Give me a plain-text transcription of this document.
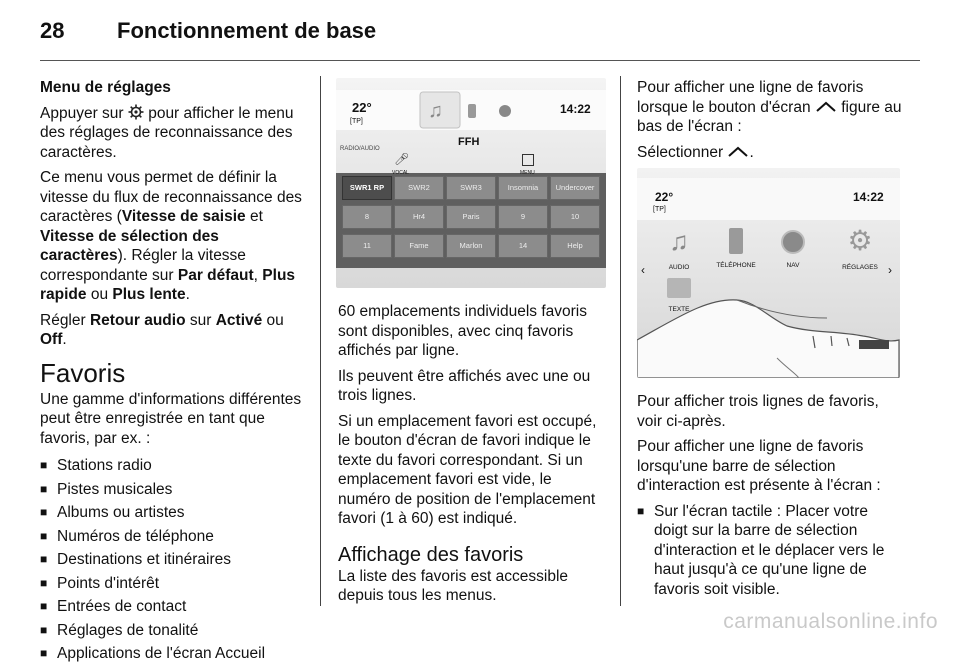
28 Fonctionnement de base

Menu de réglages

Appuyer sur  pour afficher le menu des réglages de reconnaissance des caractères.

Ce menu vous permet de définir la vitesse du flux de reconnaissance des caractères (Vitesse de saisie et Vitesse de sélection des caractères). Régler la vitesse correspondante sur Par défaut, Plus rapide ou Plus lente.

Régler Retour audio sur Activé ou Off.

Favoris

Une gamme d'informations différentes peut être enregistrée en tant que favoris, par ex. :

■ Stations radio
■ Pistes musicales
■ Albums ou artistes
■ Numéros de téléphone
■ Destinations et itinéraires
■ Points d'intérêt
■ Entrées de contact
■ Réglages de tonalité
■ Applications de l'écran Accueil
22°
[TP]	♫	14:22
RADIO/AUDIO
FFH
🎤︎
VOCAL	MENU
SWR1 RP	SWR2	SWR3	Insomnia	Undercover
8	Hr4	Paris	9	10
11	Fame	Marlon	14	Help

60 emplacements individuels favoris sont disponibles, avec cinq favoris affichés par ligne.

Ils peuvent être affichés avec une ou trois lignes.

Si un emplacement favori est occupé, le bouton d'écran de favori indique le texte du favori correspondant. Si un emplacement favori est vide, le numéro de position de l'emplacement favori (1 à 60) est indiqué.

Affichage des favoris

La liste des favoris est accessible depuis tous les menus.

Pour afficher une ligne de favoris lorsque le bouton d'écran  figure au bas de l'écran :

Sélectionner .

22°
[TP]
14:22
‹	›
♫
AUDIO	TÉLÉPHONE	NAV
⚙
RÉGLAGES
TEXTE

Pour afficher trois lignes de favoris, voir ci-après.

Pour afficher une ligne de favoris lorsqu'une barre de sélection d'interaction est présente à l'écran :

■ Sur l'écran tactile : Placer votre doigt sur la barre de sélection d'interaction et le déplacer vers le haut jusqu'à ce qu'une ligne de favoris soit visible.
carmanualsonline.info
